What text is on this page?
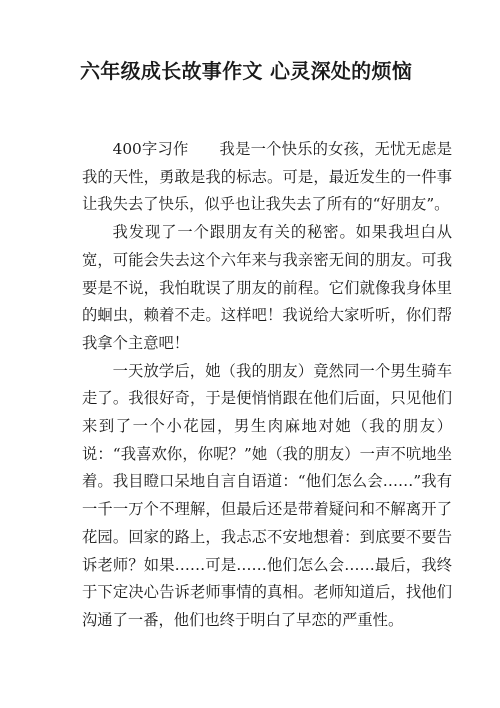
六年级成长故事作文 心灵深处的烦恼

400字习作　　我是一个快乐的女孩，无忧无虑是我的天性，勇敢是我的标志。可是，最近发生的一件事让我失去了快乐，似乎也让我失去了所有的“好朋友”。

我发现了一个跟朋友有关的秘密。如果我坦白从宽，可能会失去这个六年来与我亲密无间的朋友。可我要是不说，我怕耽误了朋友的前程。它们就像我身体里的蛔虫，赖着不走。这样吧！我说给大家听听，你们帮我拿个主意吧！

一天放学后，她（我的朋友）竟然同一个男生骑车走了。我很好奇，于是便悄悄跟在他们后面，只见他们来到了一个小花园，男生肉麻地对她（我的朋友）说：“我喜欢你，你呢？”她（我的朋友）一声不吭地坐着。我目瞪口呆地自言自语道：“他们怎么会……”我有一千一万个不理解，但最后还是带着疑问和不解离开了花园。回家的路上，我忐忑不安地想着：到底要不要告诉老师？如果……可是……他们怎么会……最后，我终于下定决心告诉老师事情的真相。老师知道后，找他们沟通了一番，他们也终于明白了早恋的严重性。
